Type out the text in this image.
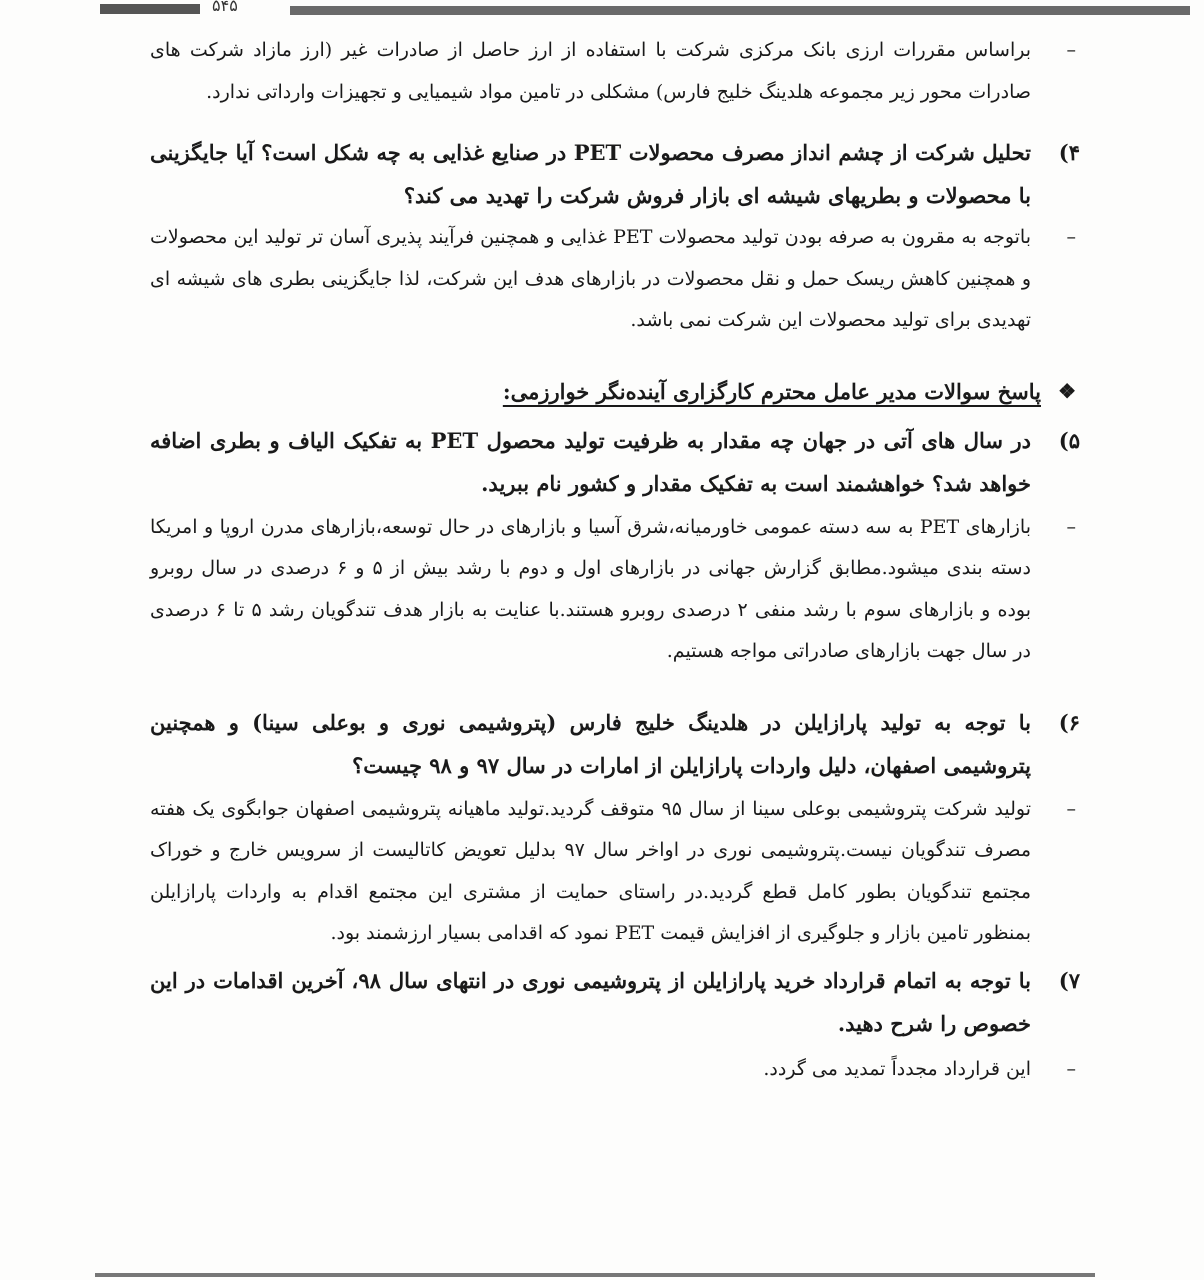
۵۴۵

–
براساس مقررات ارزی بانک مرکزی شرکت با استفاده از ارز حاصل از صادرات غیر (ارز مازاد شرکت های صادرات محور زیر مجموعه هلدینگ خلیج فارس) مشکلی در تامین مواد شیمیایی و تجهیزات وارداتی ندارد.

۴)
تحلیل شرکت از چشم انداز مصرف محصولات PET در صنایع غذایی به چه شکل است؟ آیا جایگزینی با محصولات و بطریهای شیشه ای بازار فروش شرکت را تهدید می کند؟

–
باتوجه به مقرون به صرفه بودن تولید محصولات PET غذایی و همچنین فرآیند پذیری آسان تر تولید این محصولات و همچنین کاهش ریسک حمل و نقل محصولات در بازارهای هدف این شرکت، لذا جایگزینی بطری های شیشه ای تهدیدی برای تولید محصولات این شرکت نمی باشد.

❖
پاسخ سوالات مدیر عامل محترم کارگزاری آینده‌نگر خوارزمی:

۵)
در سال های آتی در جهان چه مقدار به ظرفیت تولید محصول PET به تفکیک الیاف و بطری اضافه خواهد شد؟ خواهشمند است به تفکیک مقدار و کشور نام ببرید.

–
بازارهای PET به سه دسته عمومی خاورمیانه،شرق آسیا و بازارهای در حال توسعه،بازارهای مدرن اروپا و امریکا دسته بندی میشود.مطابق گزارش جهانی در بازارهای اول و دوم با رشد بیش از ۵ و ۶ درصدی در سال روبرو بوده و بازارهای سوم با رشد منفی ۲ درصدی روبرو هستند.با عنایت به بازار هدف تندگویان رشد ۵ تا ۶ درصدی در سال جهت بازارهای صادراتی مواجه هستیم.

۶)
با توجه به تولید پارازایلن در هلدینگ خلیج فارس (پتروشیمی نوری و بوعلی سینا) و همچنین پتروشیمی اصفهان، دلیل واردات پارازایلن از امارات در سال ۹۷ و ۹۸ چیست؟

–
تولید شرکت پتروشیمی بوعلی سینا از سال ۹۵ متوقف گردید.تولید ماهیانه پتروشیمی اصفهان جوابگوی یک هفته مصرف تندگویان نیست.پتروشیمی نوری در اواخر سال ۹۷ بدلیل تعویض کاتالیست از سرویس خارج و خوراک مجتمع تندگویان بطور کامل قطع گردید.در راستای حمایت از مشتری این مجتمع اقدام به واردات پارازایلن بمنظور تامین بازار و جلوگیری از افزایش قیمت PET نمود که اقدامی بسیار ارزشمند بود.

۷)
با توجه به اتمام قرارداد خرید پارازایلن از پتروشیمی نوری در انتهای سال ۹۸، آخرین اقدامات در این خصوص را شرح دهید.

–
این قرارداد مجدداً تمدید می گردد.
